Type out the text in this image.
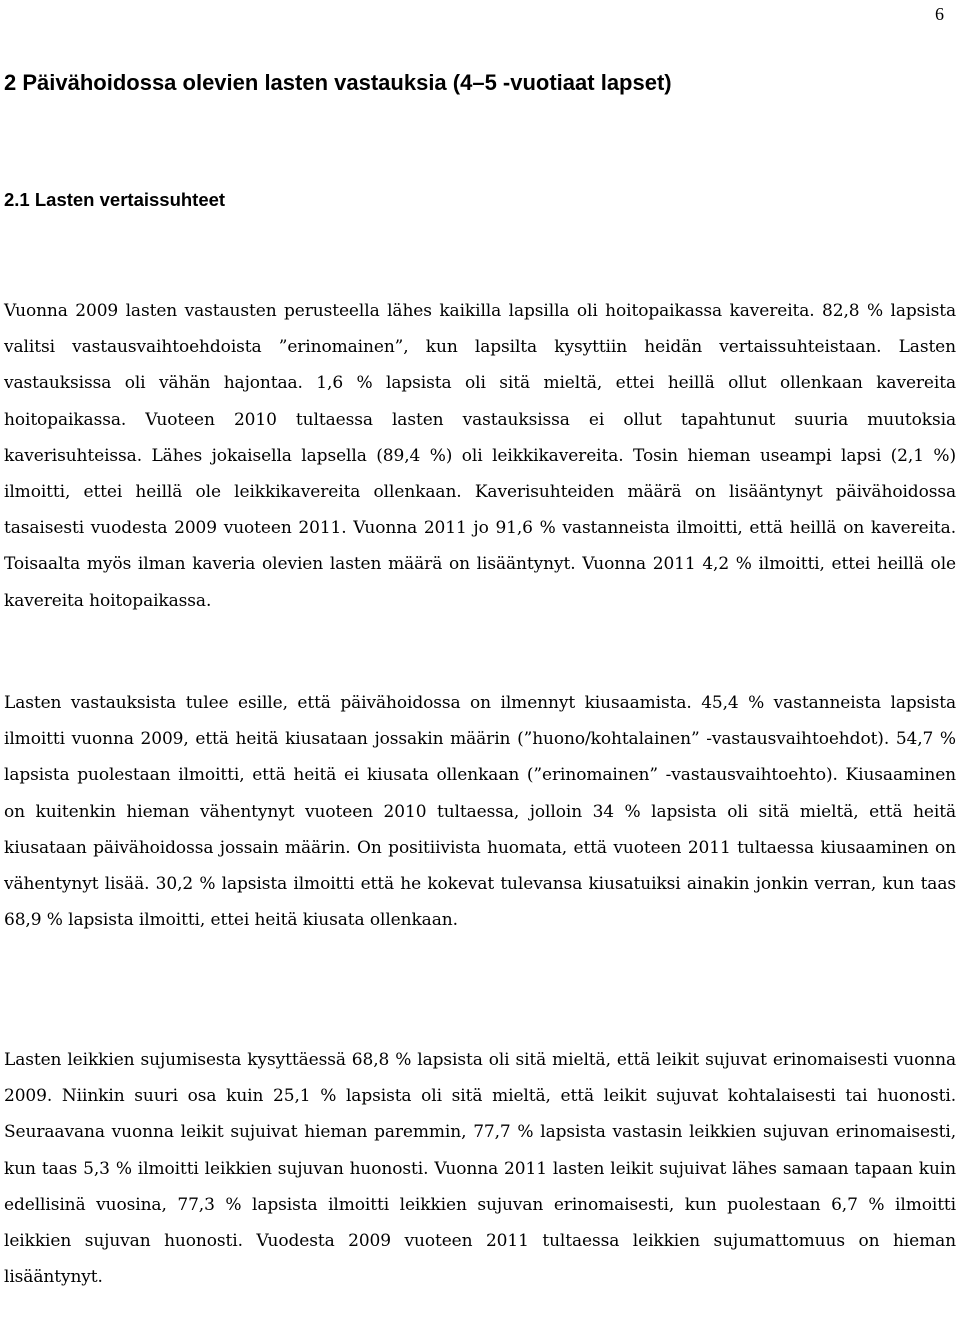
6
2 Päivähoidossa olevien lasten vastauksia (4–5 -vuotiaat lapset)
2.1 Lasten vertaissuhteet

Vuonna 2009 lasten vastausten perusteella lähes kaikilla lapsilla oli hoitopaikassa kavereita. 82,8 % lapsista valitsi vastausvaihtoehdoista ”erinomainen”, kun lapsilta kysyttiin heidän vertaissuhteistaan. Lasten vastauksissa oli vähän hajontaa. 1,6 % lapsista oli sitä mieltä, ettei heillä ollut ollenkaan kavereita hoitopaikassa. Vuoteen 2010 tultaessa lasten vastauksissa ei ollut tapahtunut suuria muutoksia kaverisuhteissa. Lähes jokaisella lapsella (89,4 %) oli leikkikavereita. Tosin hieman useampi lapsi (2,1 %) ilmoitti, ettei heillä ole leikkikavereita ollenkaan. Kaverisuhteiden määrä on lisääntynyt päivähoidossa tasaisesti vuodesta 2009 vuoteen 2011. Vuonna 2011 jo 91,6 % vastanneista ilmoitti, että heillä on kavereita. Toisaalta myös ilman kaveria olevien lasten määrä on lisääntynyt. Vuonna 2011 4,2 % ilmoitti, ettei heillä ole kavereita hoitopaikassa.

Lasten vastauksista tulee esille, että päivähoidossa on ilmennyt kiusaamista. 45,4 % vastanneista lapsista ilmoitti vuonna 2009, että heitä kiusataan jossakin määrin (”huono/kohtalainen” -vastausvaihtoehdot). 54,7 % lapsista puolestaan ilmoitti, että heitä ei kiusata ollenkaan (”erinomainen” -vastausvaihtoehto). Kiusaaminen on kuitenkin hieman vähentynyt vuoteen 2010 tultaessa, jolloin 34 % lapsista oli sitä mieltä, että heitä kiusataan päivähoidossa jossain määrin. On positiivista huomata, että vuoteen 2011 tultaessa kiusaaminen on vähentynyt lisää. 30,2 % lapsista ilmoitti että he kokevat tulevansa kiusatuiksi ainakin jonkin verran, kun taas 68,9 % lapsista ilmoitti, ettei heitä kiusata ollenkaan.

Lasten leikkien sujumisesta kysyttäessä 68,8 % lapsista oli sitä mieltä, että leikit sujuvat erinomaisesti vuonna 2009. Niinkin suuri osa kuin 25,1 % lapsista oli sitä mieltä, että leikit sujuvat kohtalaisesti tai huonosti. Seuraavana vuonna leikit sujuivat hieman paremmin, 77,7 % lapsista vastasin leikkien sujuvan erinomaisesti, kun taas 5,3 % ilmoitti leikkien sujuvan huonosti. Vuonna 2011 lasten leikit sujuivat lähes samaan tapaan kuin edellisinä vuosina, 77,3 % lapsista ilmoitti leikkien sujuvan erinomaisesti, kun puolestaan 6,7 % ilmoitti leikkien sujuvan huonosti. Vuodesta 2009 vuoteen 2011 tultaessa leikkien sujumattomuus on hieman lisääntynyt.
